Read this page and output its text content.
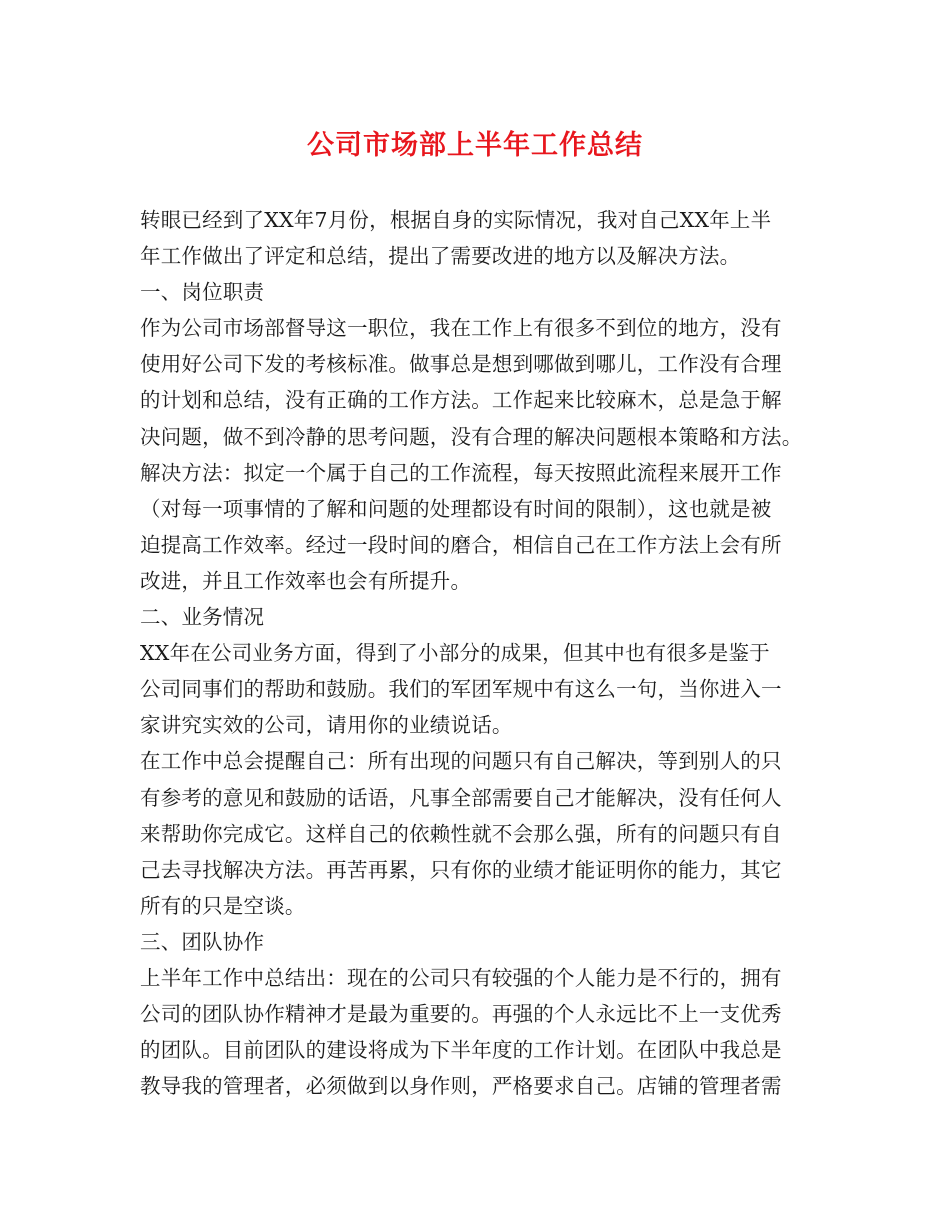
公司市场部上半年工作总结
转眼已经到了XX年7月份，根据自身的实际情况，我对自己XX年上半
年工作做出了评定和总结，提出了需要改进的地方以及解决方法。
一、岗位职责
作为公司市场部督导这一职位，我在工作上有很多不到位的地方，没有
使用好公司下发的考核标准。做事总是想到哪做到哪儿，工作没有合理
的计划和总结，没有正确的工作方法。工作起来比较麻木，总是急于解
决问题，做不到冷静的思考问题，没有合理的解决问题根本策略和方法。
解决方法：拟定一个属于自己的工作流程，每天按照此流程来展开工作
（对每一项事情的了解和问题的处理都设有时间的限制），这也就是被
迫提高工作效率。经过一段时间的磨合，相信自己在工作方法上会有所
改进，并且工作效率也会有所提升。
二、业务情况
XX年在公司业务方面，得到了小部分的成果，但其中也有很多是鉴于
公司同事们的帮助和鼓励。我们的军团军规中有这么一句，当你进入一
家讲究实效的公司，请用你的业绩说话。
在工作中总会提醒自己：所有出现的问题只有自己解决，等到别人的只
有参考的意见和鼓励的话语，凡事全部需要自己才能解决，没有任何人
来帮助你完成它。这样自己的依赖性就不会那么强，所有的问题只有自
己去寻找解决方法。再苦再累，只有你的业绩才能证明你的能力，其它
所有的只是空谈。
三、团队协作
上半年工作中总结出：现在的公司只有较强的个人能力是不行的，拥有
公司的团队协作精神才是最为重要的。再强的个人永远比不上一支优秀
的团队。目前团队的建设将成为下半年度的工作计划。在团队中我总是
教导我的管理者，必须做到以身作则，严格要求自己。店铺的管理者需
